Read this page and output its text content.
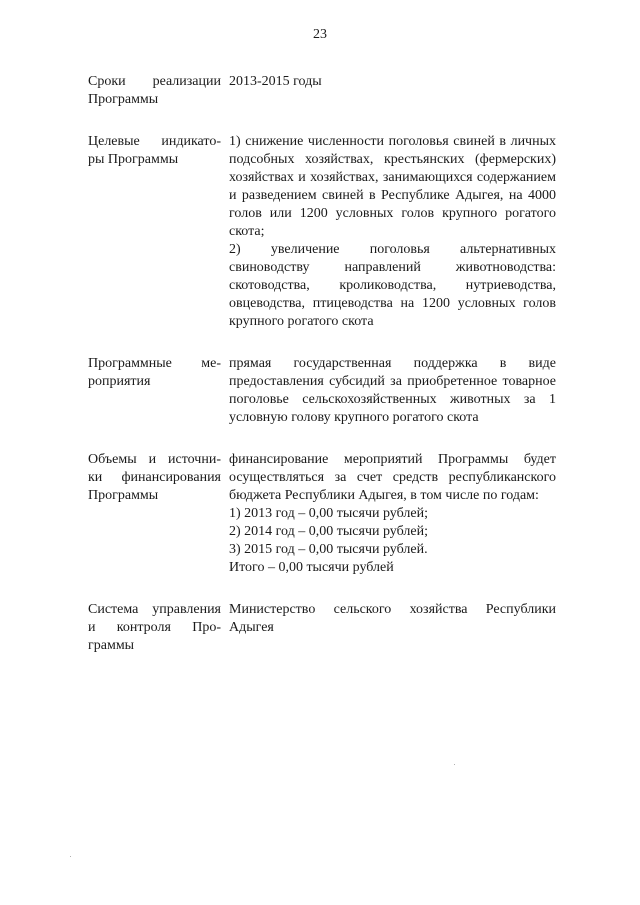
23
Сроки реализации
Программы
2013-2015 годы
Целевые индикато-
ры Программы
1) снижение численности поголовья свиней в личных подсобных хозяйствах, крестьянских (фермерских) хозяйствах и хозяйствах, занимающихся содержанием и разведением свиней в Республике Адыгея, на 4000 голов или 1200 условных голов крупного рогатого скота;
2) увеличение поголовья альтернативных свиноводству направлений животноводства: скотоводства, кролиководства, нутриеводства, овцеводства, птицеводства на 1200 условных голов крупного рогатого скота
Программные ме-
роприятия
прямая государственная поддержка в виде предоставления субсидий за приобретенное товарное поголовье сельскохозяйственных животных за 1 условную голову крупного рогатого скота
Объемы и источни-
ки финансирования
Программы
финансирование мероприятий Программы будет осуществляться за счет средств республиканского бюджета Республики Адыгея, в том числе по годам:
1) 2013 год – 0,00 тысячи рублей;
2) 2014 год – 0,00 тысячи рублей;
3) 2015 год – 0,00 тысячи рублей.
Итого – 0,00 тысячи рублей
Система управления
и контроля Про-
граммы
Министерство сельского хозяйства Республики Адыгея
